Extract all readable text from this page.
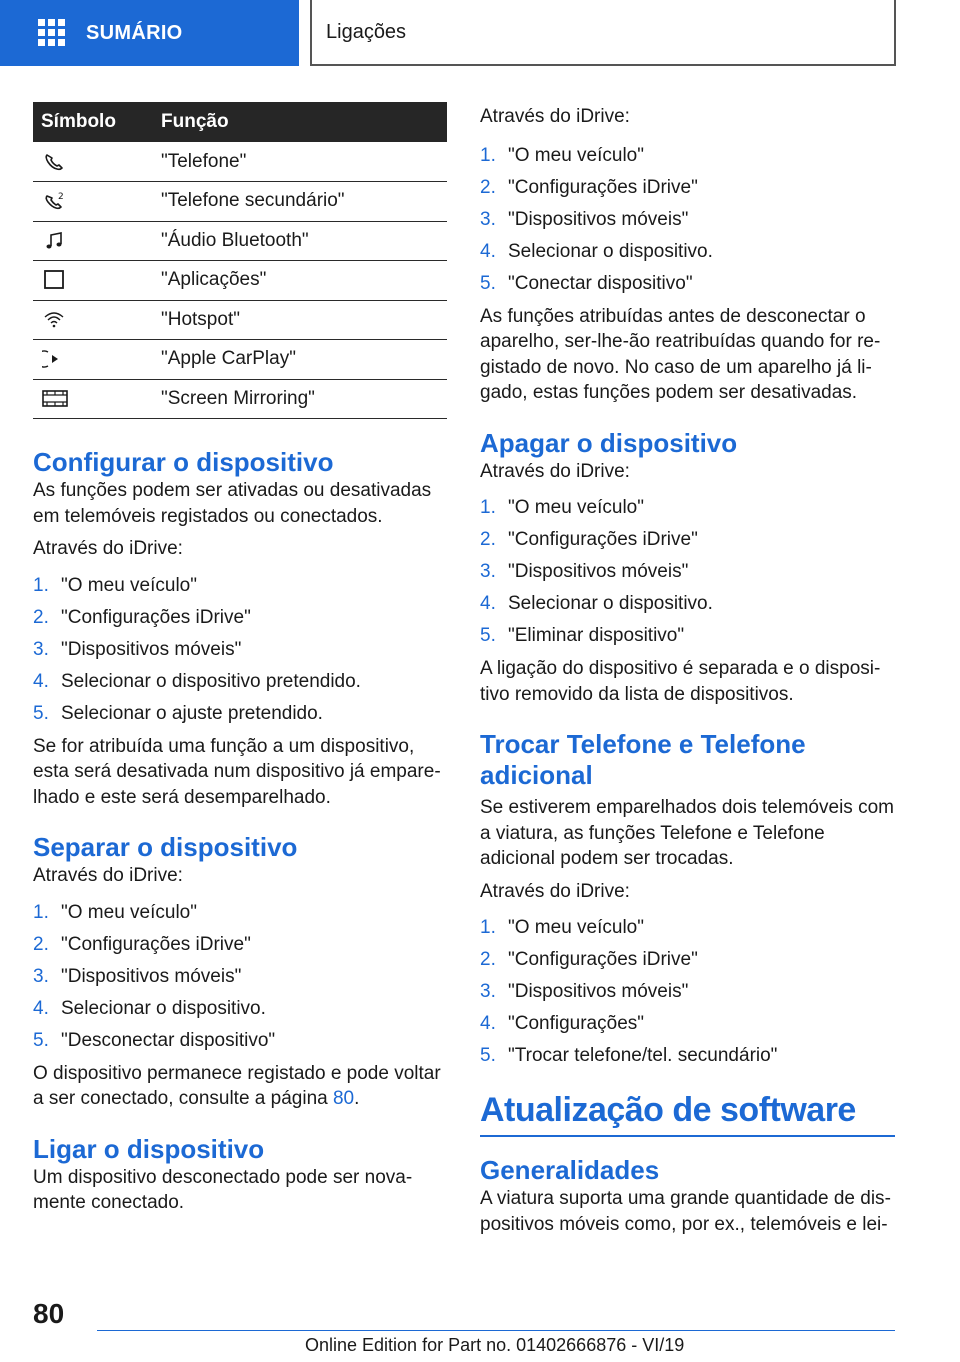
SUMÁRIO	Ligações
Símbolo	Função

	"Telefone"

2	"Telefone secundário"

	"Áudio Bluetooth"

	"Aplicações"

	"Hotspot"

	"Apple CarPlay"

	"Screen Mirroring"
Configurar o dispositivo

As funções podem ser ativadas ou desativadas em telemóveis registados ou conectados.

Através do iDrive:

1. "O meu veículo"
2. "Configurações iDrive"
3. "Dispositivos móveis"
4. Selecionar o dispositivo pretendido.
5. Selecionar o ajuste pretendido.

Se for atribuída uma função a um dispositivo, esta será desativada num dispositivo já emparelhado e este será desemparelhado.

Separar o dispositivo

Através do iDrive:

1. "O meu veículo"
2. "Configurações iDrive"
3. "Dispositivos móveis"
4. Selecionar o dispositivo.
5. "Desconectar dispositivo"

O dispositivo permanece registado e pode voltar a ser conectado, consulte a página 80.

Ligar o dispositivo

Um dispositivo desconectado pode ser novamente conectado.

Através do iDrive:

1. "O meu veículo"
2. "Configurações iDrive"
3. "Dispositivos móveis"
4. Selecionar o dispositivo.
5. "Conectar dispositivo"

As funções atribuídas antes de desconectar o aparelho, ser-lhe-ão reatribuídas quando for registado de novo. No caso de um aparelho já ligado, estas funções podem ser desativadas.

Apagar o dispositivo

Através do iDrive:

1. "O meu veículo"
2. "Configurações iDrive"
3. "Dispositivos móveis"
4. Selecionar o dispositivo.
5. "Eliminar dispositivo"

A ligação do dispositivo é separada e o dispositivo removido da lista de dispositivos.

Trocar Telefone e Telefone adicional

Se estiverem emparelhados dois telemóveis com a viatura, as funções Telefone e Telefone adicional podem ser trocadas.

Através do iDrive:

1. "O meu veículo"
2. "Configurações iDrive"
3. "Dispositivos móveis"
4. "Configurações"
5. "Trocar telefone/tel. secundário"
Atualização de software
Generalidades

A viatura suporta uma grande quantidade de dispositivos móveis como, por ex., telemóveis e lei-

80
Online Edition for Part no. 01402666876 - VI/19
